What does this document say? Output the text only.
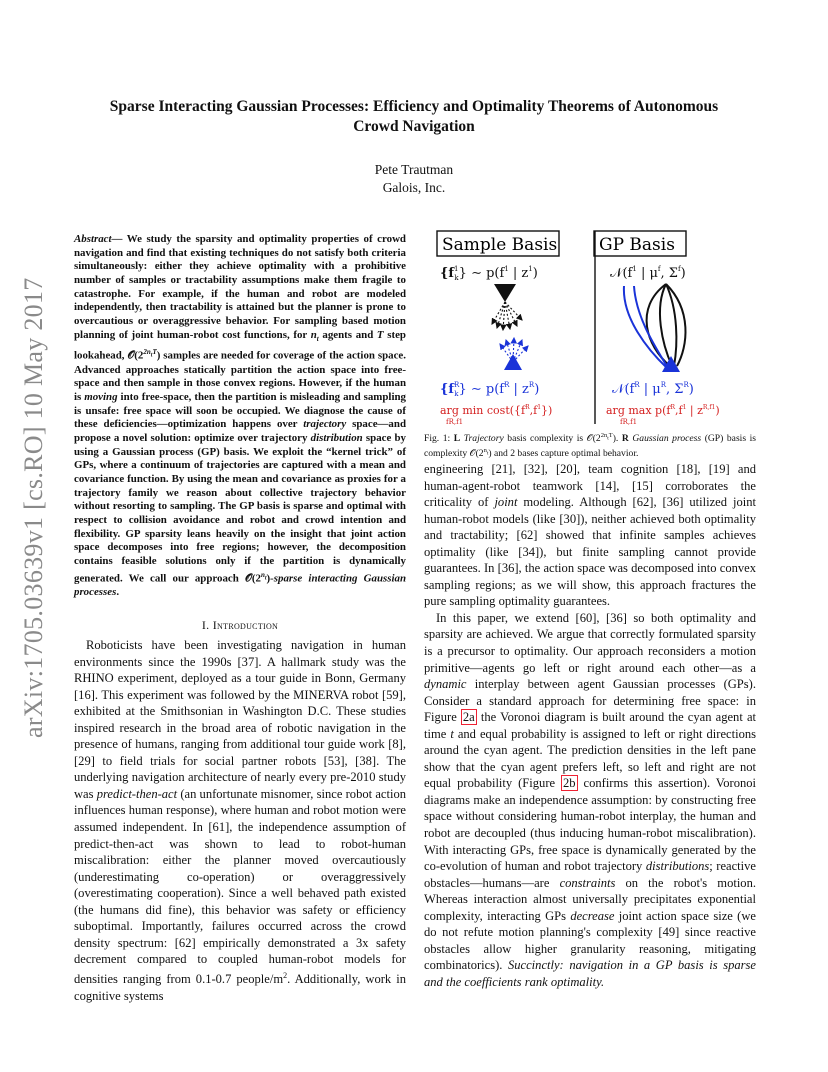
arXiv:1705.03639v1 [cs.RO] 10 May 2017
Sparse Interacting Gaussian Processes: Efficiency and Optimality Theorems of Autonomous
Crowd Navigation
Pete Trautman
Galois, Inc.
Abstract— We study the sparsity and optimality properties of crowd navigation and find that existing techniques do not satisfy both criteria simultaneously: either they achieve optimality with a prohibitive number of samples or tractability assumptions make them fragile to catastrophe. For example, if the human and robot are modeled independently, then tractability is attained but the planner is prone to overcautious or overaggressive behavior. For sampling based motion planning of joint human-robot cost functions, for $n_t$ agents and T step lookahead, $𝒪(2^{2n_tT})$ samples are needed for coverage of the action space. Advanced approaches statically partition the action space into free-space and then sample in those convex regions. However, if the human is moving into free-space, then the partition is misleading and sampling is unsafe: free space will soon be occupied. We diagnose the cause of these deficiencies—optimization happens over trajectory space—and propose a novel solution: optimize over trajectory distribution space by using a Gaussian process (GP) basis. We exploit the “kernel trick” of GPs, where a continuum of trajectories are captured with a mean and covariance function. By using the mean and covariance as proxies for a trajectory family we reason about collective trajectory behavior without resorting to sampling. The GP basis is sparse and optimal with respect to collision avoidance and robot and crowd intention and flexibility. GP sparsity leans heavily on the insight that joint action space decomposes into free regions; however, the decomposition contains feasible solutions only if the partition is dynamically generated. We call our approach $𝒪(2^{n_t})$-sparse interacting Gaussian processes.
I. Introduction
Roboticists have been investigating navigation in human environments since the 1990s [37]. A hallmark study was the RHINO experiment, deployed as a tour guide in Bonn, Germany [16]. This experiment was followed by the MINERVA robot [59], exhibited at the Smithsonian in Washington D.C. These studies inspired research in the broad area of robotic navigation in the presence of humans, ranging from additional tour guide work [8], [29] to field trials for social partner robots [53], [38]. The underlying navigation architecture of nearly every pre-2010 study was predict-then-act (an unfortunate misnomer, since robot action influences human response), where human and robot motion were assumed independent. In [61], the independence assumption of predict-then-act was shown to lead to robot-human miscalibration: either the planner moved overcautiously (underestimating co-operation) or overaggressively (overestimating cooperation). Since a well behaved path existed (the humans did fine), this behavior was safety or efficiency suboptimal. Importantly, failures occurred across the crowd density spectrum: [62] empirically demonstrated a 3x safety decrement compared to coupled human-robot models for densities ranging from 0.1-0.7 people/$m^2$. Additionally, work in cognitive systems
Sample Basis GP Basis
{$f^1$ k} ∼ $p(f^1$ | $z^1$)	$𝒩(f^1$ | $\mu^f$, $\Sigma^f$)
{$f^R$ k} ∼ $p(f^R$ | $z^R$)	$𝒩(f^R$ | $\mu^R$, $\Sigma^R$)
arg $\min \cos t(\{f^R,f^1\})$
fR,f1
arg $\max p(f^R,f^1$ | $z^{R,f1}$)
fR,f1
Fig. 1: L Trajectory basis complexity is $𝒪(2^{2n_tT})$. R Gaussian process (GP) basis is complexity $𝒪(2^{n_t})$ and 2 bases capture optimal behavior.
engineering [21], [32], [20], team cognition [18], [19] and human-agent-robot teamwork [14], [15] corroborates the criticality of joint modeling. Although [62], [36] utilized joint human-robot models (like [30]), neither achieved both optimality and tractability; [62] showed that infinite samples achieves optimality (like [34]), but finite sampling cannot provide guarantees. In [36], the action space was decomposed into convex sampling regions; as we will show, this approach fractures the pure sampling optimality guarantees.
In this paper, we extend [60], [36] so both optimality and sparsity are achieved. We argue that correctly formulated sparsity is a precursor to optimality. Our approach reconsiders a motion primitive—agents go left or right around each other—as a dynamic interplay between agent Gaussian processes (GPs). Consider a standard approach for determining free space: in Figure 2a the Voronoi diagram is built around the cyan agent at time t and equal probability is assigned to left or right directions around the cyan agent. The prediction densities in the left pane show that the cyan agent prefers left, so left and right are not equal probability (Figure 2b confirms this assertion). Voronoi diagrams make an independence assumption: by constructing free space without considering human-robot interplay, the human and robot are decoupled (thus inducing human-robot miscalibration). With interacting GPs, free space is dynamically generated by the co-evolution of human and robot trajectory distributions; reactive obstacles—humans—are constraints on the robot's motion. Whereas interaction almost universally precipitates exponential complexity, interacting GPs decrease joint action space size (we do not refute motion planning's complexity [49] since reactive obstacles allow higher granularity reasoning, mitigating combinatorics). Succinctly: navigation in a GP basis is sparse and the coefficients rank optimality.
